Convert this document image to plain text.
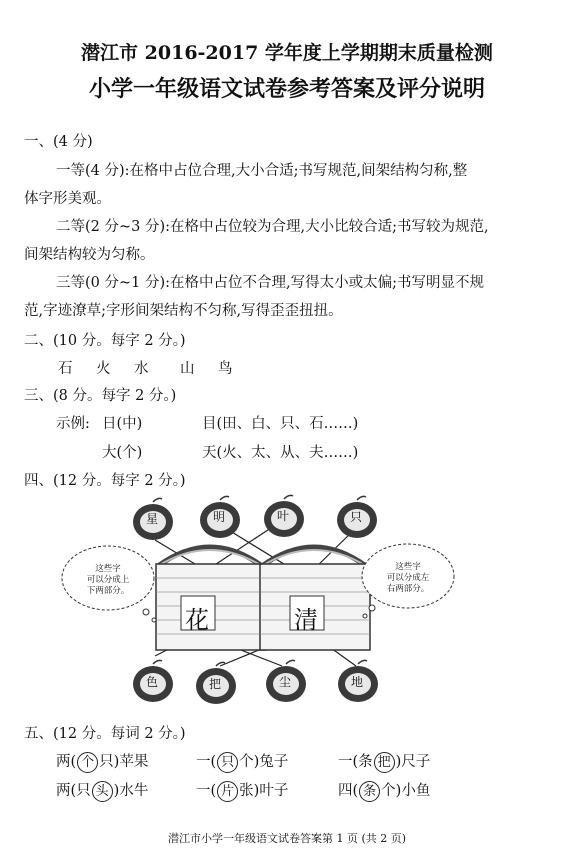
潜江市 2016-2017 学年度上学期期末质量检测
小学一年级语文试卷参考答案及评分说明
一、(4 分)
一等(4 分):在格中占位合理,大小合适;书写规范,间架结构匀称,整
体字形美观。
二等(2 分~3 分):在格中占位较为合理,大小比较合适;书写较为规范,
间架结构较为匀称。
三等(0 分~1 分):在格中占位不合理,写得太小或太偏;书写明显不规
范,字迹潦草;字形间架结构不匀称,写得歪歪扭扭。
二、(10 分。每字 2 分。)
石 火 水 山 鸟
三、(8 分。每字 2 分。)
示例: 日(中)	目(田、白、只、石……)
大(个)	天(火、太、从、夫……)
四、(12 分。每字 2 分。)
花	清
这些字
可以分成上
下两部分。
这些字
可以分成左
右两部分。
星	明	叶	只
色	把	尘	地
五、(12 分。每词 2 分。)
两( 个 只)苹果	一( 只 个)兔子	一(条 把 )尺子
两(只 头 )水牛	一( 片 张)叶子	四( 条 个)小鱼
潜江市小学一年级语文试卷答案第 1 页 (共 2 页)
